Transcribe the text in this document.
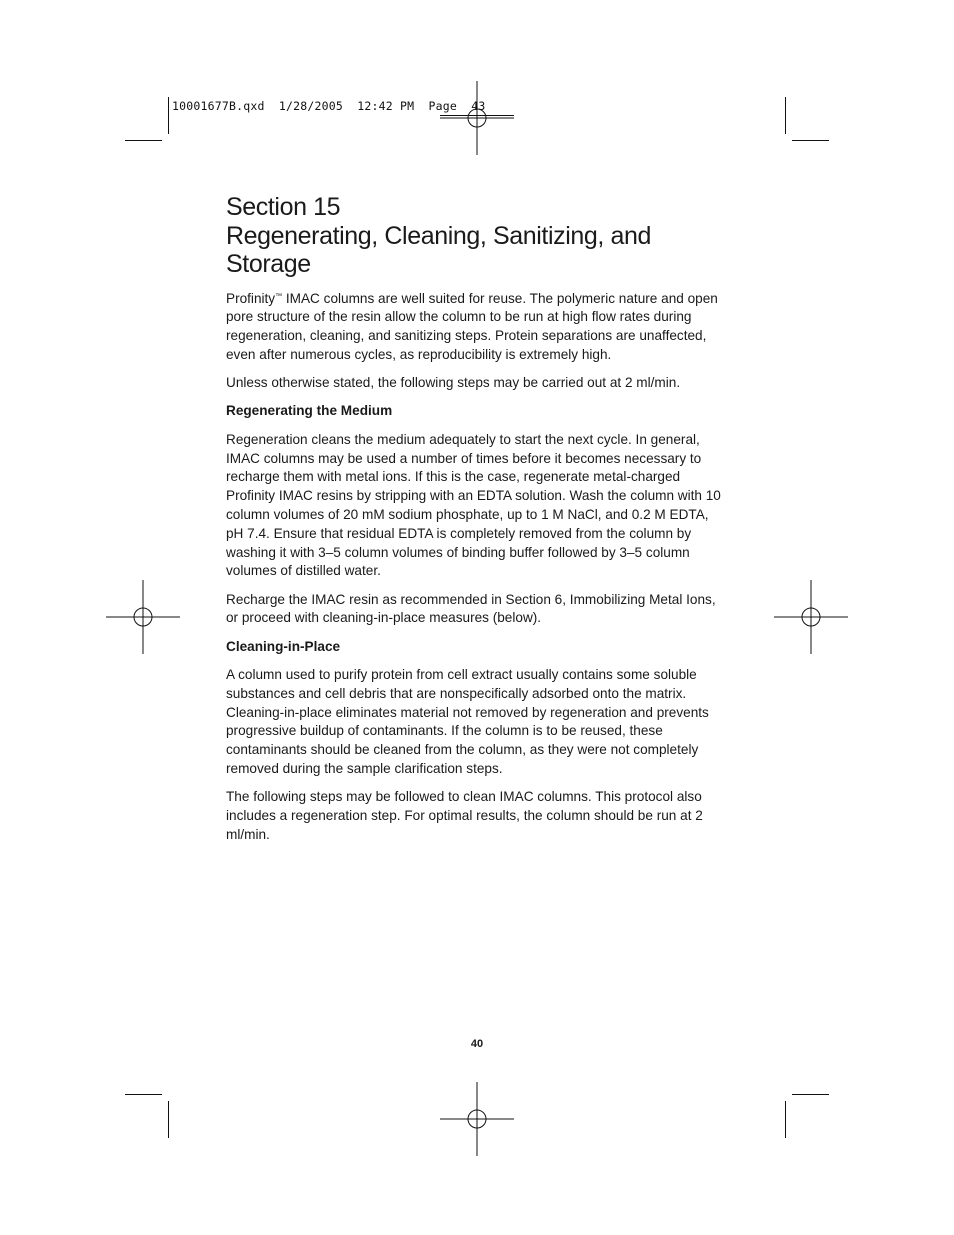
10001677B.qxd 1/28/2005 12:42 PM Page 43
Section 15
Regenerating, Cleaning, Sanitizing, and
Storage

Profinity™ IMAC columns are well suited for reuse. The polymeric nature and open pore structure of the resin allow the column to be run at high flow rates during regeneration, cleaning, and sanitizing steps. Protein separations are unaffected, even after numerous cycles, as reproducibility is extremely high.

Unless otherwise stated, the following steps may be carried out at 2 ml/min.

Regenerating the Medium

Regeneration cleans the medium adequately to start the next cycle. In general, IMAC columns may be used a number of times before it becomes necessary to recharge them with metal ions. If this is the case, regenerate metal-charged Profinity IMAC resins by stripping with an EDTA solution. Wash the column with 10 column volumes of 20 mM sodium phosphate, up to 1 M NaCl, and 0.2 M EDTA, pH 7.4. Ensure that residual EDTA is completely removed from the column by washing it with 3–5 column volumes of binding buffer followed by 3–5 column volumes of distilled water.

Recharge the IMAC resin as recommended in Section 6, Immobilizing Metal Ions, or proceed with cleaning-in-place measures (below).

Cleaning-in-Place

A column used to purify protein from cell extract usually contains some soluble substances and cell debris that are nonspecifically adsorbed onto the matrix. Cleaning-in-place eliminates material not removed by regeneration and prevents progressive buildup of contaminants. If the column is to be reused, these contaminants should be cleaned from the column, as they were not completely removed during the sample clarification steps.

The following steps may be followed to clean IMAC columns. This protocol also includes a regeneration step. For optimal results, the column should be run at 2 ml/min.

40
